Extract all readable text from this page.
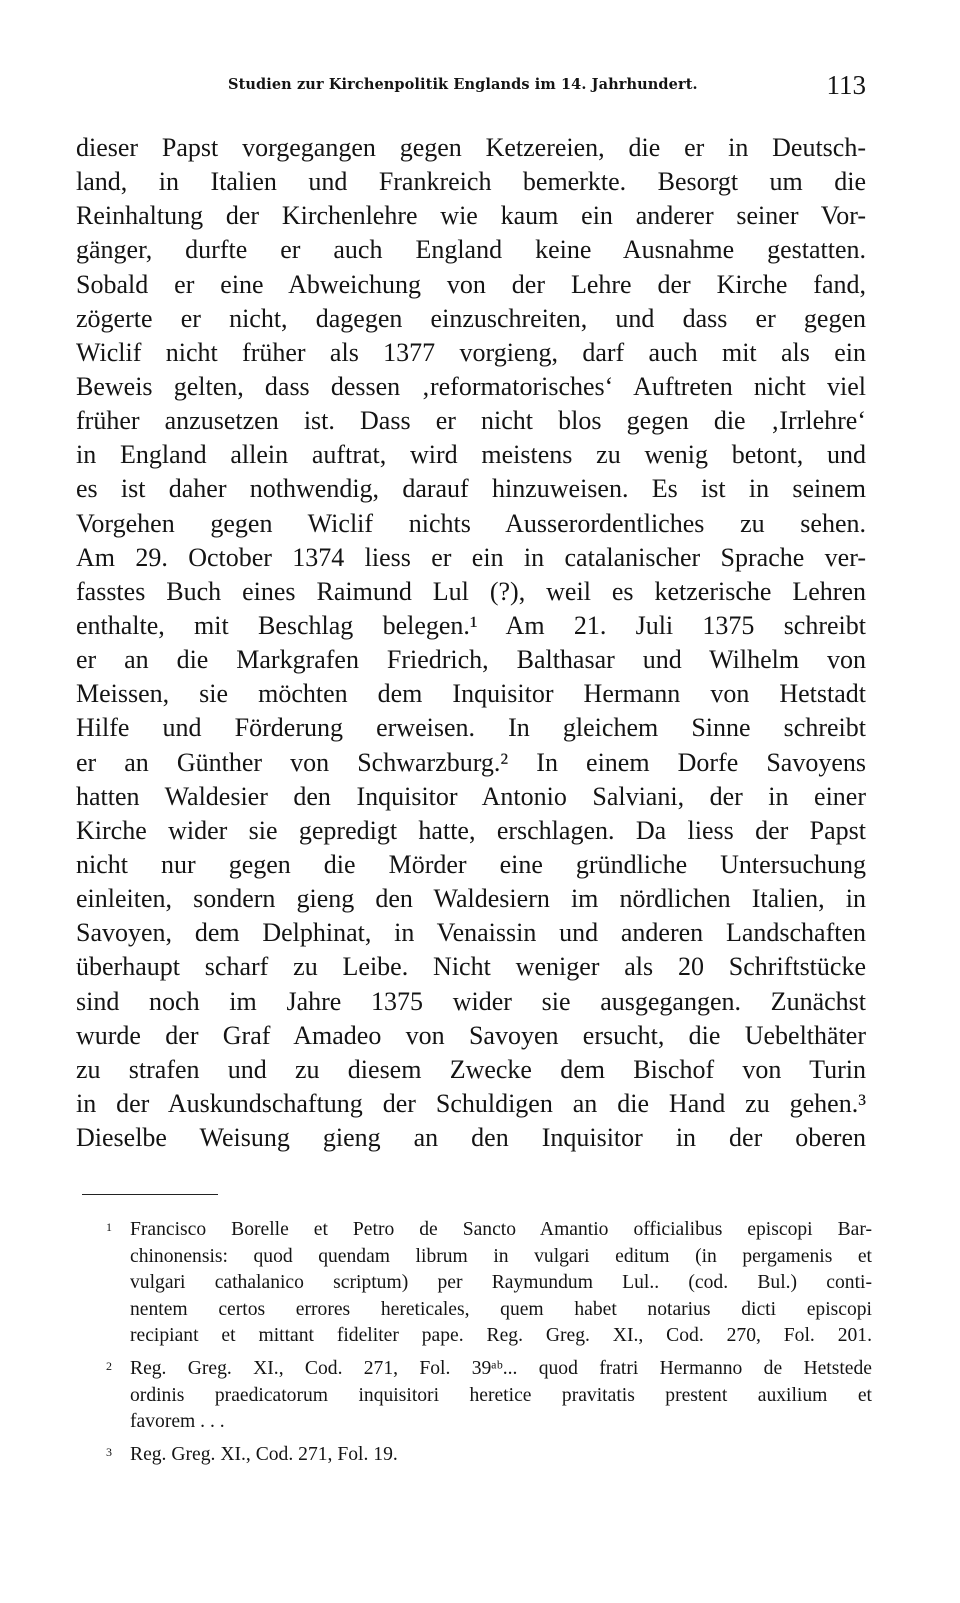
Studien zur Kirchenpolitik Englands im 14. Jahrhundert.	113
dieser Papst vorgegangen gegen Ketzereien, die er in Deutsch-
land, in Italien und Frankreich bemerkte. Besorgt um die
Reinhaltung der Kirchenlehre wie kaum ein anderer seiner Vor-
gänger, durfte er auch England keine Ausnahme gestatten.
Sobald er eine Abweichung von der Lehre der Kirche fand,
zögerte er nicht, dagegen einzuschreiten, und dass er gegen
Wiclif nicht früher als 1377 vorgieng, darf auch mit als ein
Beweis gelten, dass dessen ‚reformatorisches‘ Auftreten nicht viel
früher anzusetzen ist. Dass er nicht blos gegen die ‚Irrlehre‘
in England allein auftrat, wird meistens zu wenig betont, und
es ist daher nothwendig, darauf hinzuweisen. Es ist in seinem
Vorgehen gegen Wiclif nichts Ausserordentliches zu sehen.
Am 29. October 1374 liess er ein in catalanischer Sprache ver-
fasstes Buch eines Raimund Lul (?), weil es ketzerische Lehren
enthalte, mit Beschlag belegen.¹ Am 21. Juli 1375 schreibt
er an die Markgrafen Friedrich, Balthasar und Wilhelm von
Meissen, sie möchten dem Inquisitor Hermann von Hetstadt
Hilfe und Förderung erweisen. In gleichem Sinne schreibt
er an Günther von Schwarzburg.² In einem Dorfe Savoyens
hatten Waldesier den Inquisitor Antonio Salviani, der in einer
Kirche wider sie gepredigt hatte, erschlagen. Da liess der Papst
nicht nur gegen die Mörder eine gründliche Untersuchung
einleiten, sondern gieng den Waldesiern im nördlichen Italien, in
Savoyen, dem Delphinat, in Venaissin und anderen Landschaften
überhaupt scharf zu Leibe. Nicht weniger als 20 Schriftstücke
sind noch im Jahre 1375 wider sie ausgegangen. Zunächst
wurde der Graf Amadeo von Savoyen ersucht, die Uebelthäter
zu strafen und zu diesem Zwecke dem Bischof von Turin
in der Auskundschaftung der Schuldigen an die Hand zu gehen.³
Dieselbe Weisung gieng an den Inquisitor in der oberen
1 Francisco Borelle et Petro de Sancto Amantio officialibus episcopi Bar-
chinonensis: quod quendam librum in vulgari editum (in pergamenis et
vulgari cathalanico scriptum) per Raymundum Lul.. (cod. Bul.) conti-
nentem certos errores hereticales, quem habet notarius dicti episcopi
recipiant et mittant fideliter pape. Reg. Greg. XI., Cod. 270, Fol. 201.
2 Reg. Greg. XI., Cod. 271, Fol. 39ᵃᵇ... quod fratri Hermanno de Hetstede
ordinis praedicatorum inquisitori heretice pravitatis prestent auxilium et
favorem . . .
3 Reg. Greg. XI., Cod. 271, Fol. 19.
